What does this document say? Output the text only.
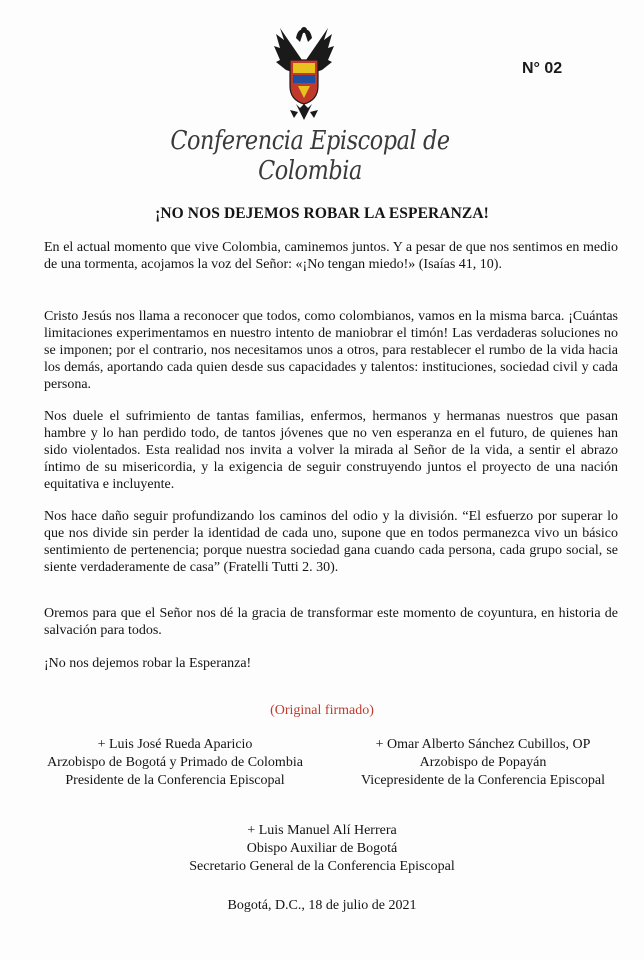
N° 02
Conferencia Episcopal de Colombia
¡NO NOS DEJEMOS ROBAR LA ESPERANZA!

En el actual momento que vive Colombia, caminemos juntos. Y a pesar de que nos sentimos en medio de una tormenta, acojamos la voz del Señor: «¡No tengan miedo!» (Isaías 41, 10).

Cristo Jesús nos llama a reconocer que todos, como colombianos, vamos en la misma barca. ¡Cuántas limitaciones experimentamos en nuestro intento de maniobrar el timón! Las verdaderas soluciones no se imponen; por el contrario, nos necesitamos unos a otros, para restablecer el rumbo de la vida hacia los demás, aportando cada quien desde sus capacidades y talentos: instituciones, sociedad civil y cada persona.

Nos duele el sufrimiento de tantas familias, enfermos, hermanos y hermanas nuestros que pasan hambre y lo han perdido todo, de tantos jóvenes que no ven esperanza en el futuro, de quienes han sido violentados. Esta realidad nos invita a volver la mirada al Señor de la vida, a sentir el abrazo íntimo de su misericordia, y la exigencia de seguir construyendo juntos el proyecto de una nación equitativa e incluyente.

Nos hace daño seguir profundizando los caminos del odio y la división. “El esfuerzo por superar lo que nos divide sin perder la identidad de cada uno, supone que en todos permanezca vivo un básico sentimiento de pertenencia; porque nuestra sociedad gana cuando cada persona, cada grupo social, se siente verdaderamente de casa” (Fratelli Tutti 2. 30).

Oremos para que el Señor nos dé la gracia de transformar este momento de coyuntura, en historia de salvación para todos.

¡No nos dejemos robar la Esperanza!

(Original firmado)
+ Luis José Rueda Aparicio
Arzobispo de Bogotá y Primado de Colombia
Presidente de la Conferencia Episcopal
+ Omar Alberto Sánchez Cubillos, OP
Arzobispo de Popayán
Vicepresidente de la Conferencia Episcopal
+ Luis Manuel Alí Herrera
Obispo Auxiliar de Bogotá
Secretario General de la Conferencia Episcopal
Bogotá, D.C., 18 de julio de 2021
